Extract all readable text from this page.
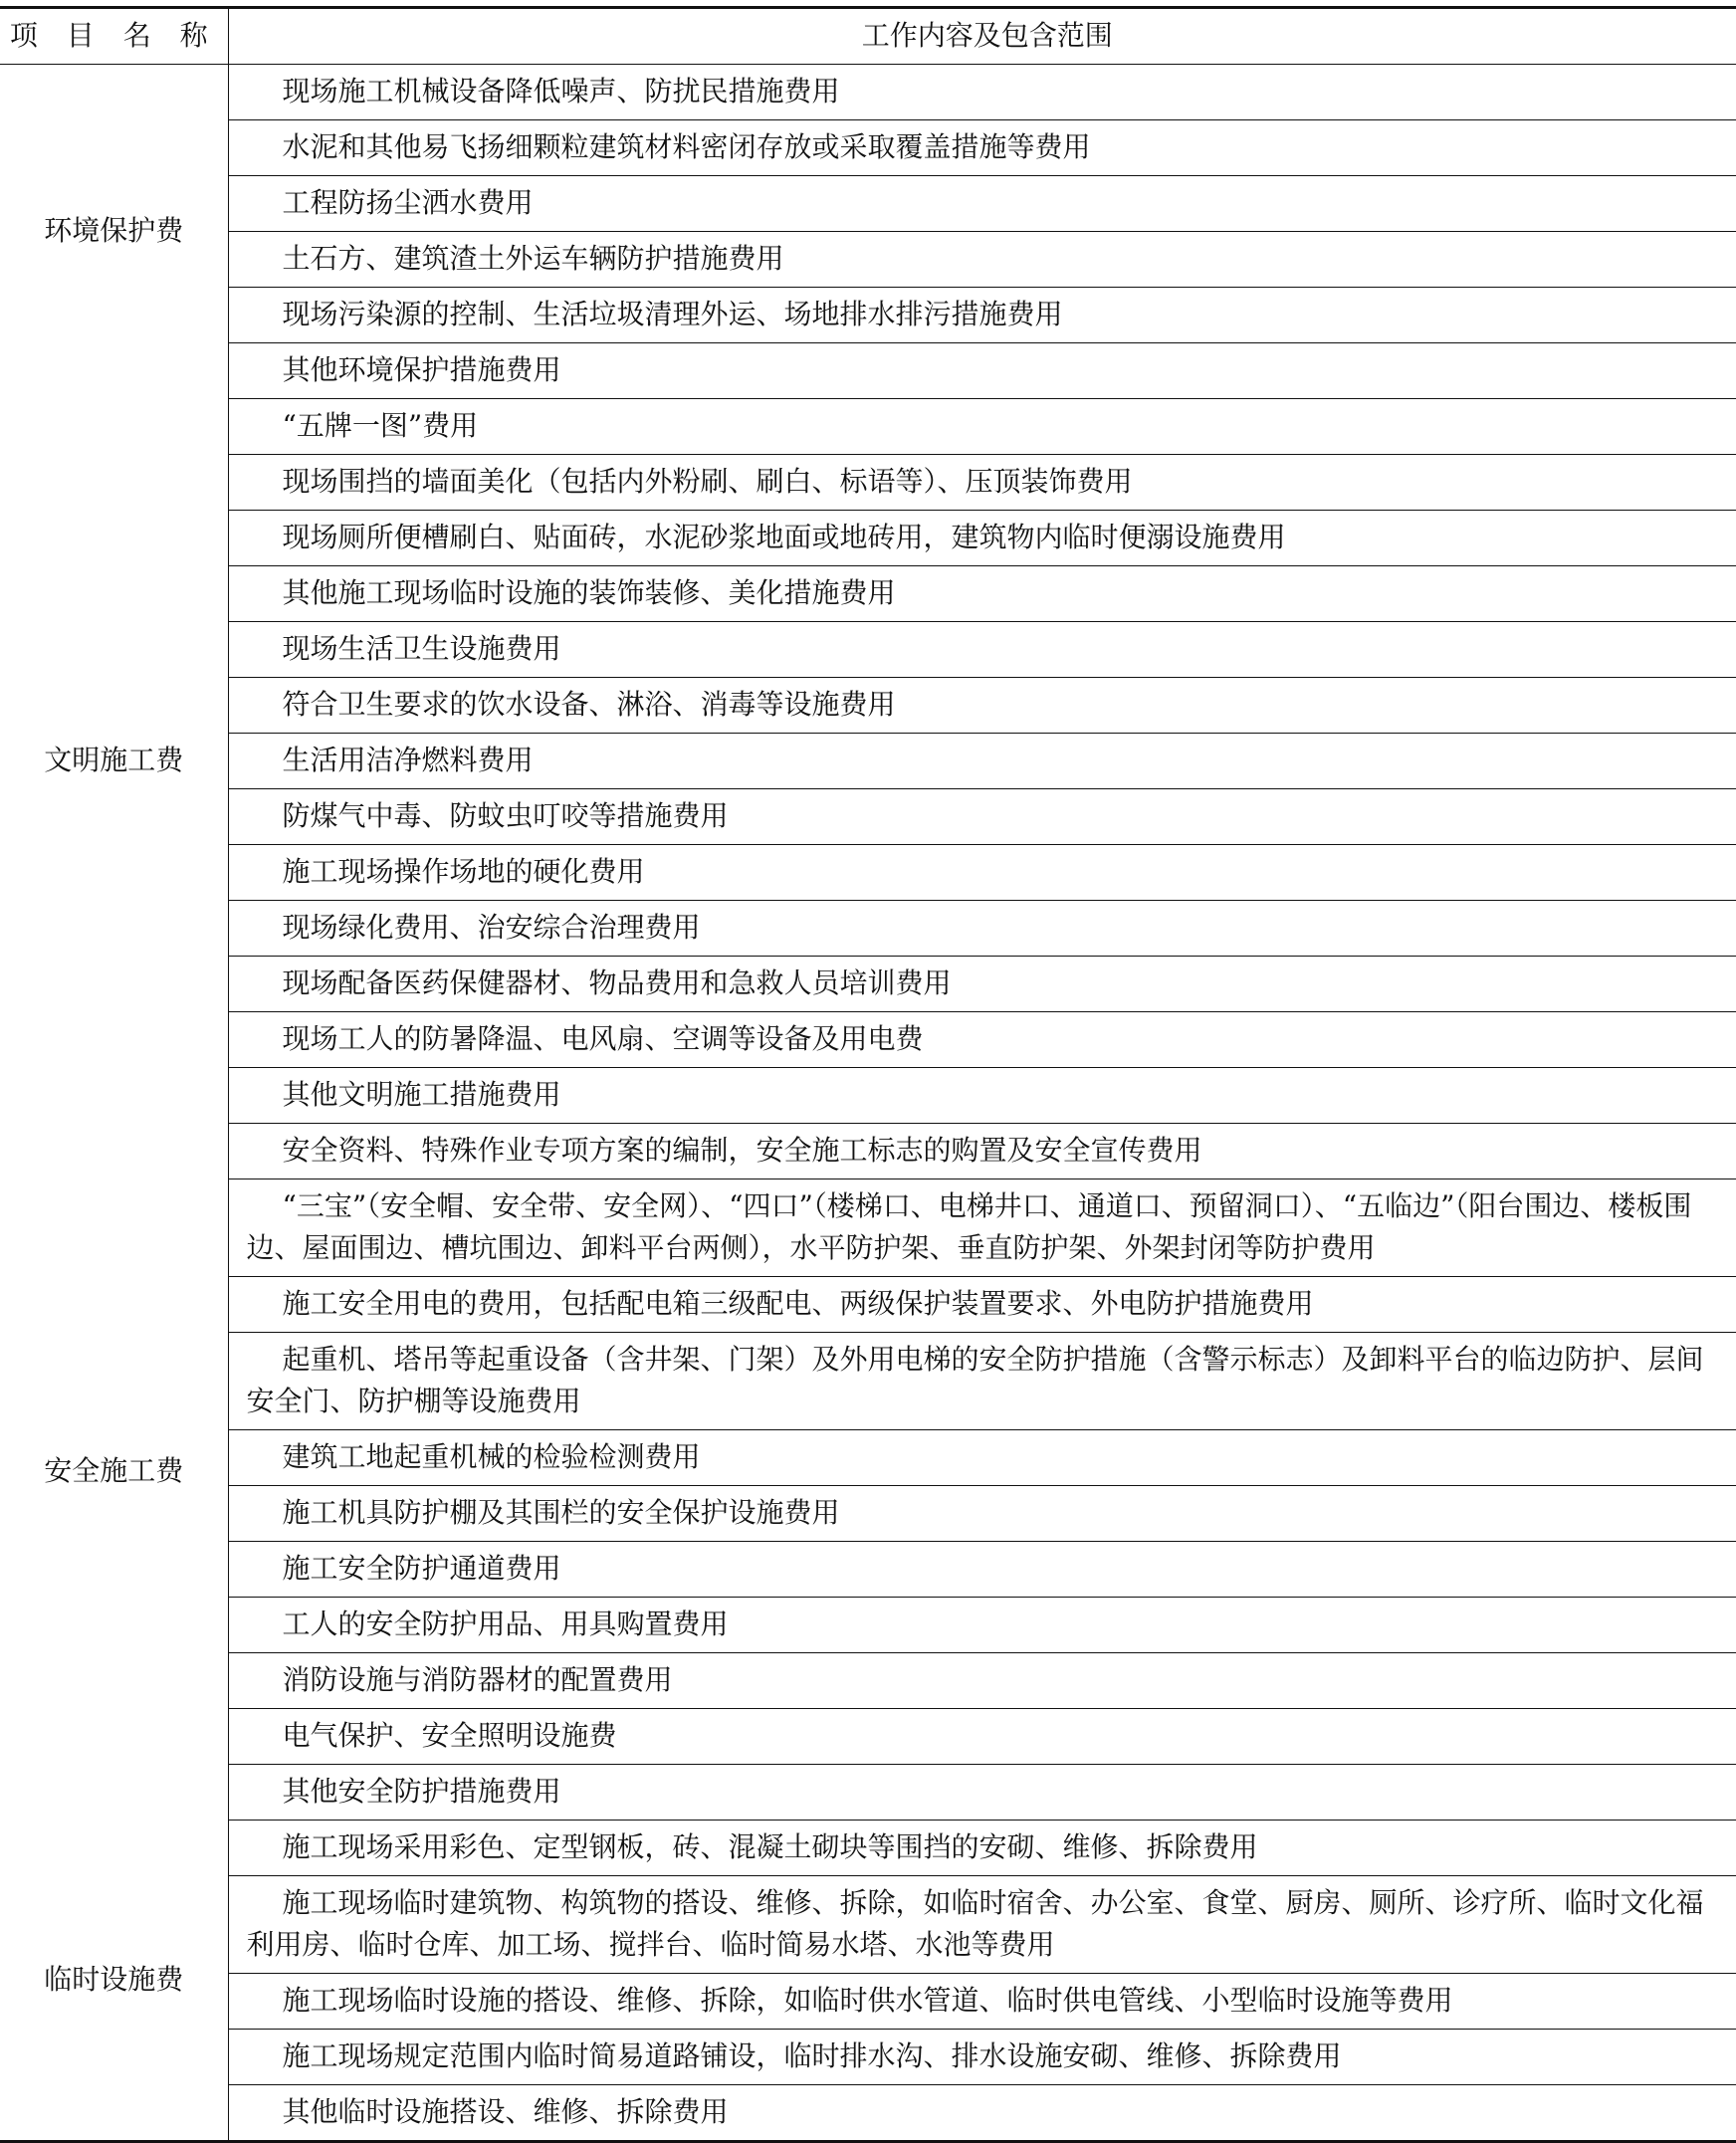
项 目 名 称	工作内容及包含范围
环境保护费	现场施工机械设备降低噪声、防扰民措施费用
	水泥和其他易飞扬细颗粒建筑材料密闭存放或采取覆盖措施等费用
	工程防扬尘洒水费用
	土石方、建筑渣土外运车辆防护措施费用
	现场污染源的控制、生活垃圾清理外运、场地排水排污措施费用
	其他环境保护措施费用
文明施工费	“五牌一图”费用
	现场围挡的墙面美化（包括内外粉刷、刷白、标语等）、压顶装饰费用
	现场厕所便槽刷白、贴面砖，水泥砂浆地面或地砖用，建筑物内临时便溺设施费用
	其他施工现场临时设施的装饰装修、美化措施费用
	现场生活卫生设施费用
	符合卫生要求的饮水设备、淋浴、消毒等设施费用
	生活用洁净燃料费用
	防煤气中毒、防蚊虫叮咬等措施费用
	施工现场操作场地的硬化费用
	现场绿化费用、治安综合治理费用
	现场配备医药保健器材、物品费用和急救人员培训费用
	现场工人的防暑降温、电风扇、空调等设备及用电费
	其他文明施工措施费用
安全施工费	安全资料、特殊作业专项方案的编制，安全施工标志的购置及安全宣传费用
	“三宝”（安全帽、安全带、安全网）、“四口”（楼梯口、电梯井口、通道口、预留洞口）、“五临边”（阳台围边、楼板围边、屋面围边、槽坑围边、卸料平台两侧），水平防护架、垂直防护架、外架封闭等防护费用
	施工安全用电的费用，包括配电箱三级配电、两级保护装置要求、外电防护措施费用
	起重机、塔吊等起重设备（含井架、门架）及外用电梯的安全防护措施（含警示标志）及卸料平台的临边防护、层间安全门、防护棚等设施费用
	建筑工地起重机械的检验检测费用
	施工机具防护棚及其围栏的安全保护设施费用
	施工安全防护通道费用
	工人的安全防护用品、用具购置费用
	消防设施与消防器材的配置费用
	电气保护、安全照明设施费
	其他安全防护措施费用
临时设施费	施工现场采用彩色、定型钢板，砖、混凝土砌块等围挡的安砌、维修、拆除费用
	施工现场临时建筑物、构筑物的搭设、维修、拆除，如临时宿舍、办公室、食堂、厨房、厕所、诊疗所、临时文化福利用房、临时仓库、加工场、搅拌台、临时简易水塔、水池等费用
	施工现场临时设施的搭设、维修、拆除，如临时供水管道、临时供电管线、小型临时设施等费用
	施工现场规定范围内临时简易道路铺设，临时排水沟、排水设施安砌、维修、拆除费用
	其他临时设施搭设、维修、拆除费用
